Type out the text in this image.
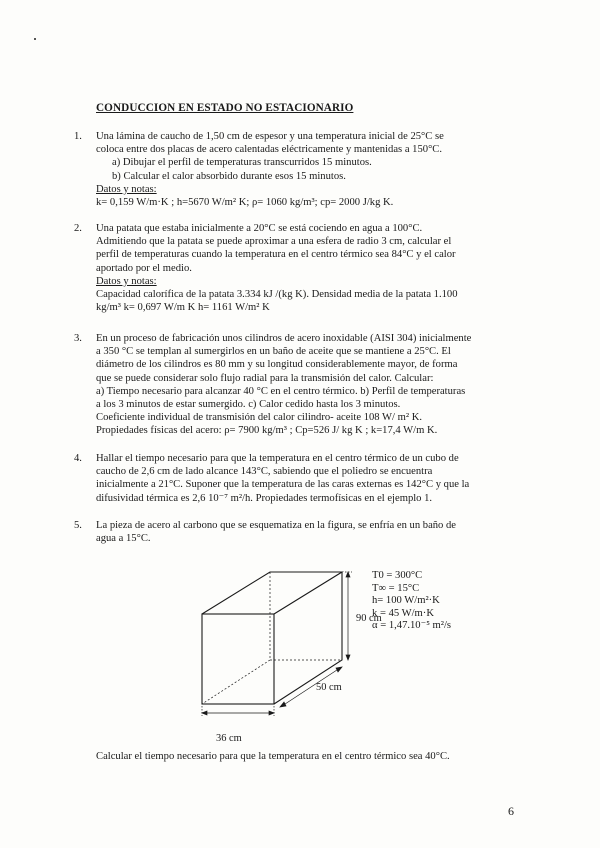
CONDUCCION EN ESTADO NO ESTACIONARIO
1. Una lámina de caucho de 1,50 cm de espesor y una temperatura inicial de 25°C se

coloca entre dos placas de acero calentadas eléctricamente y mantenidas a 150°C.

a) Dibujar el perfil de temperaturas transcurridos 15 minutos.
b) Calcular el calor absorbido durante esos 15 minutos.

Datos y notas:

k= 0,159 W/m·K ; h=5670 W/m² K; ρ= 1060 kg/m³; cp= 2000 J/kg K.

2. Una patata que estaba inicialmente a 20°C se está cociendo en agua a 100°C.

Admitiendo que la patata se puede aproximar a una esfera de radio 3 cm, calcular el

perfil de temperaturas cuando la temperatura en el centro térmico sea 84°C y el calor

aportado por el medio.

Datos y notas:

Capacidad calorífica de la patata 3.334 kJ /(kg K). Densidad media de la patata 1.100

kg/m³ k= 0,697 W/m K h= 1161 W/m² K

3. En un proceso de fabricación unos cilindros de acero inoxidable (AISI 304) inicialmente

a 350 °C se templan al sumergirlos en un baño de aceite que se mantiene a 25°C. El

diámetro de los cilindros es 80 mm y su longitud considerablemente mayor, de forma

que se puede considerar solo flujo radial para la transmisión del calor. Calcular:

a) Tiempo necesario para alcanzar 40 °C en el centro térmico. b) Perfil de temperaturas

a los 3 minutos de estar sumergido. c) Calor cedido hasta los 3 minutos.

Coeficiente individual de transmisión del calor cilindro- aceite 108 W/ m² K.

Propiedades físicas del acero: ρ= 7900 kg/m³ ; Cp=526 J/ kg K ; k=17,4 W/m K.

4. Hallar el tiempo necesario para que la temperatura en el centro térmico de un cubo de

caucho de 2,6 cm de lado alcance 143°C, sabiendo que el poliedro se encuentra

inicialmente a 21°C. Suponer que la temperatura de las caras externas es 142°C y que la

difusividad térmica es 2,6 10⁻⁷ m²/h. Propiedades termofísicas en el ejemplo 1.

5. La pieza de acero al carbono que se esquematiza en la figura, se enfría en un baño de

agua a 15°C.

90 cm
50 cm
36 cm
T0 = 300°C
T∞ = 15°C
h= 100 W/m²·K
k = 45 W/m·K
α = 1,47.10⁻⁵ m²/s
Calcular el tiempo necesario para que la temperatura en el centro térmico sea 40°C.
6
